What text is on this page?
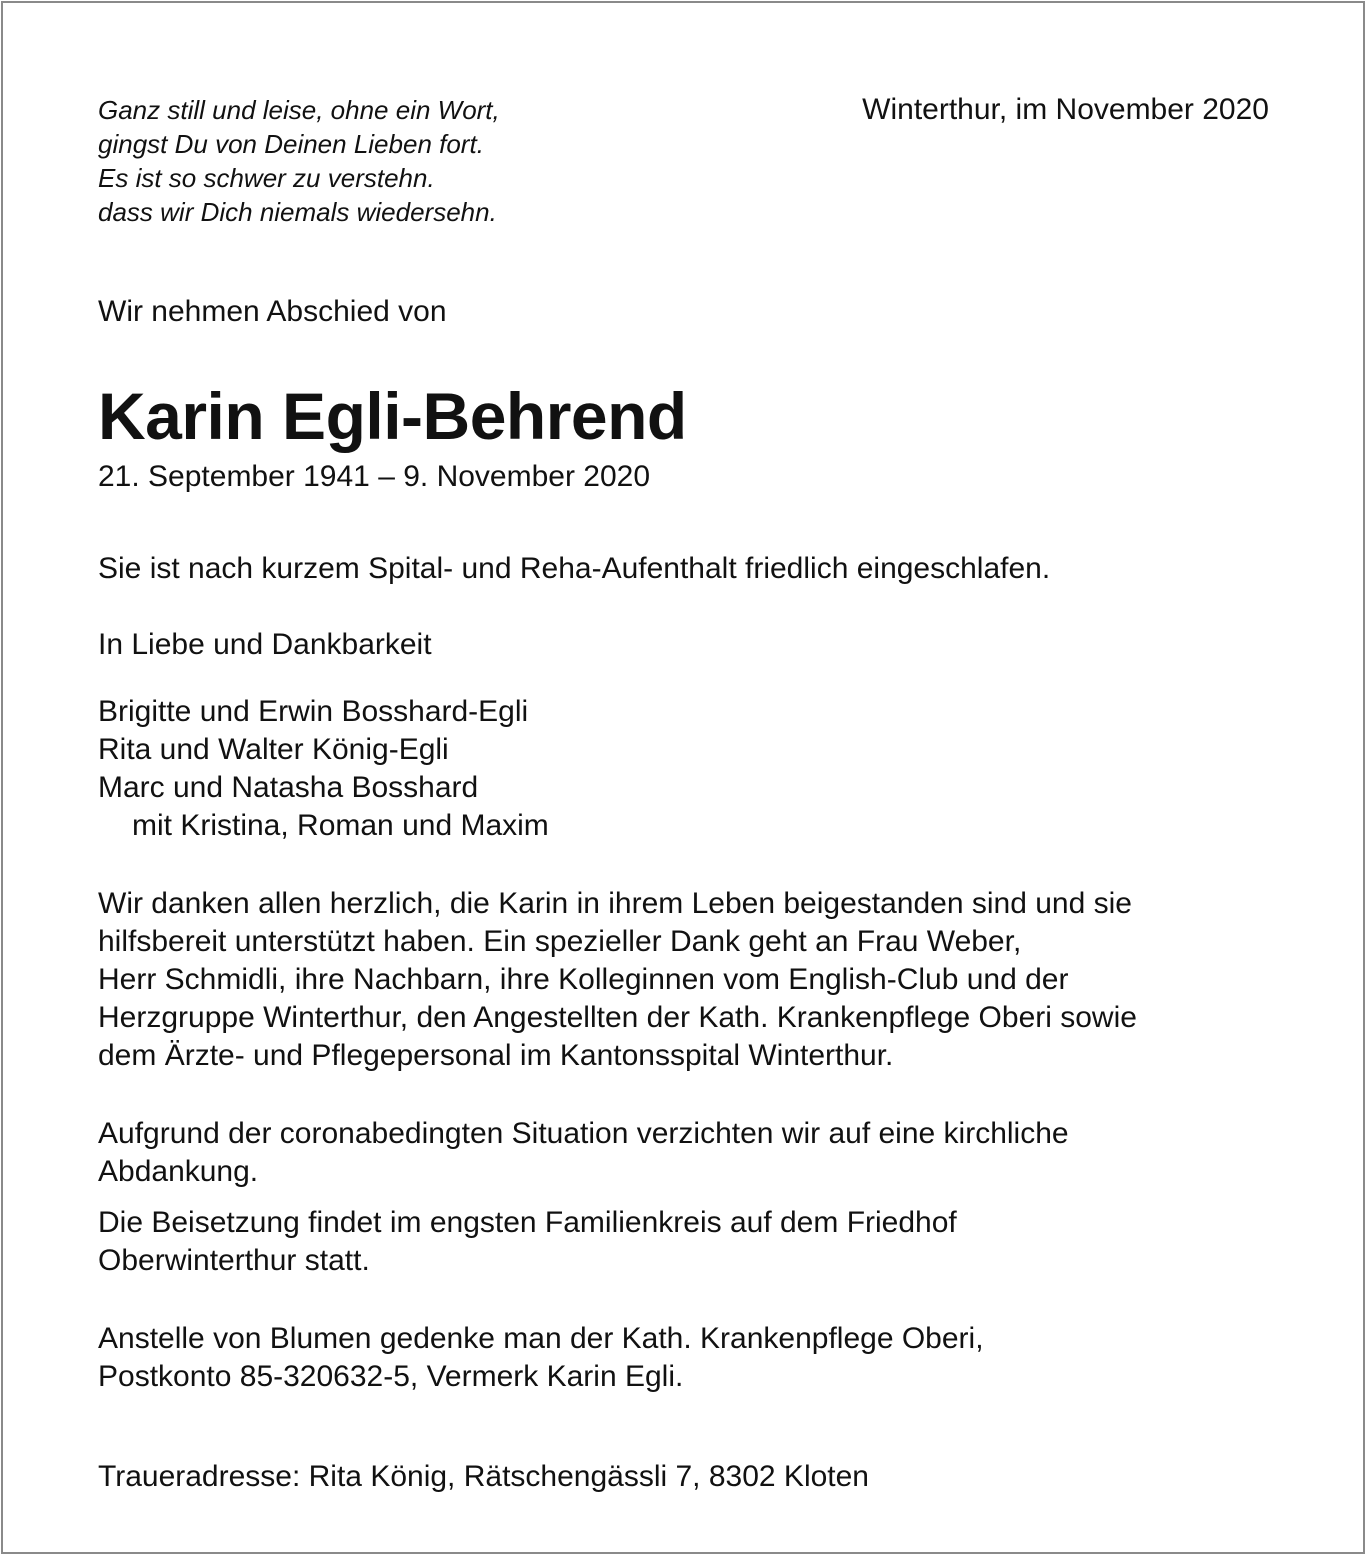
Ganz still und leise, ohne ein Wort,
gingst Du von Deinen Lieben fort.
Es ist so schwer zu verstehn.
dass wir Dich niemals wiedersehn.

Winterthur, im November 2020

Wir nehmen Abschied von

Karin Egli-Behrend

21. September 1941 – 9. November 2020

Sie ist nach kurzem Spital- und Reha-Aufenthalt friedlich eingeschlafen.

In Liebe und Dankbarkeit

Brigitte und Erwin Bosshard-Egli
Rita und Walter König-Egli
Marc und Natasha Bosshard
mit Kristina, Roman und Maxim
Wir danken allen herzlich, die Karin in ihrem Leben beigestanden sind und sie
hilfsbereit unterstützt haben. Ein spezieller Dank geht an Frau Weber,
Herr Schmidli, ihre Nachbarn, ihre Kolleginnen vom English-Club und der
Herzgruppe Winterthur, den Angestellten der Kath. Krankenpflege Oberi sowie
dem Ärzte- und Pflegepersonal im Kantonsspital Winterthur.
Aufgrund der coronabedingten Situation verzichten wir auf eine kirchliche
Abdankung.
Die Beisetzung findet im engsten Familienkreis auf dem Friedhof
Oberwinterthur statt.
Anstelle von Blumen gedenke man der Kath. Krankenpflege Oberi,
Postkonto 85-320632-5, Vermerk Karin Egli.

Traueradresse: Rita König, Rätschengässli 7, 8302 Kloten
